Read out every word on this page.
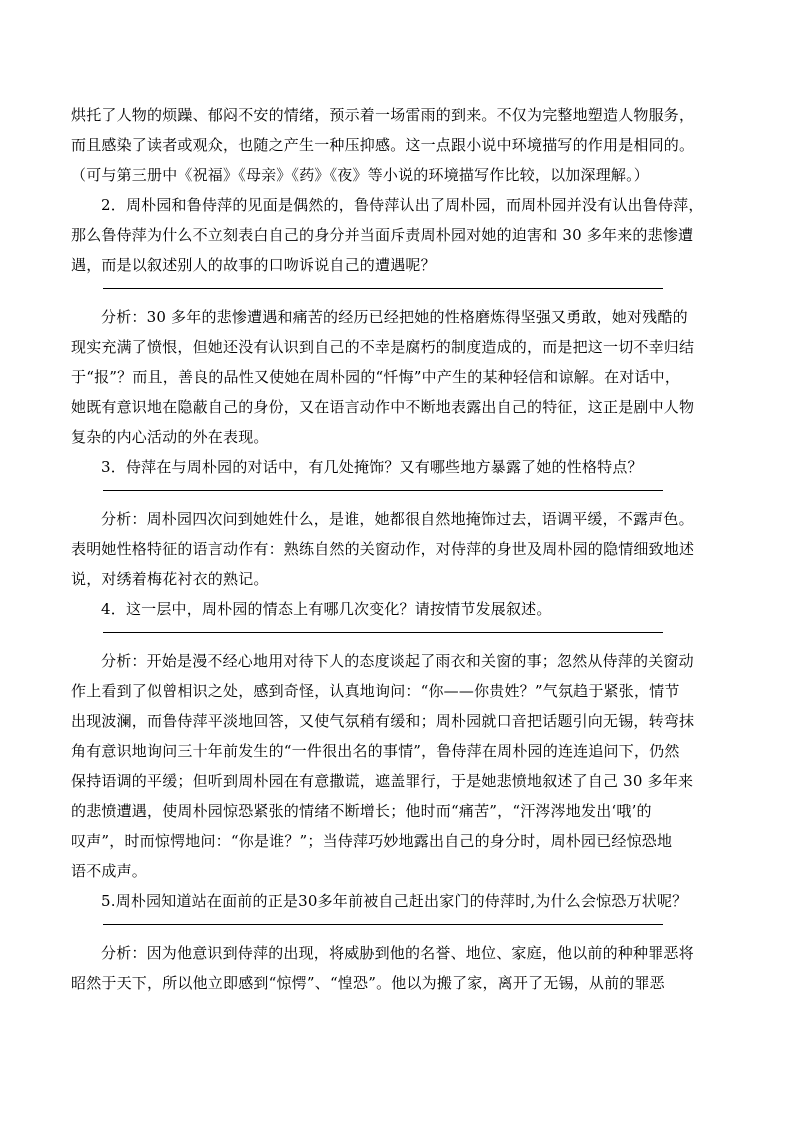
烘托了人物的烦躁、郁闷不安的情绪，预示着一场雷雨的到来。不仅为完整地塑造人物服务，
而且感染了读者或观众，也随之产生一种压抑感。这一点跟小说中环境描写的作用是相同的。
（可与第三册中《祝福》《母亲》《药》《夜》等小说的环境描写作比较，以加深理解。）
2．周朴园和鲁侍萍的见面是偶然的，鲁侍萍认出了周朴园，而周朴园并没有认出鲁侍萍，
那么鲁侍萍为什么不立刻表白自己的身分并当面斥责周朴园对她的迫害和 30 多年来的悲惨遭
遇，而是以叙述别人的故事的口吻诉说自己的遭遇呢？
分析：30 多年的悲惨遭遇和痛苦的经历已经把她的性格磨炼得坚强又勇敢，她对残酷的
现实充满了愤恨，但她还没有认识到自己的不幸是腐朽的制度造成的，而是把这一切不幸归结
于“报”？而且，善良的品性又使她在周朴园的“忏悔”中产生的某种轻信和谅解。在对话中，
她既有意识地在隐蔽自己的身份，又在语言动作中不断地表露出自己的特征，这正是剧中人物
复杂的内心活动的外在表现。
3．侍萍在与周朴园的对话中，有几处掩饰？又有哪些地方暴露了她的性格特点？
分析：周朴园四次问到她姓什么，是谁，她都很自然地掩饰过去，语调平缓，不露声色。
表明她性格特征的语言动作有：熟练自然的关窗动作，对侍萍的身世及周朴园的隐情细致地述
说，对绣着梅花衬衣的熟记。
4．这一层中，周朴园的情态上有哪几次变化？请按情节发展叙述。
分析：开始是漫不经心地用对待下人的态度谈起了雨衣和关窗的事；忽然从侍萍的关窗动
作上看到了似曾相识之处，感到奇怪，认真地询问：“你——你贵姓？”气氛趋于紧张，情节
出现波澜，而鲁侍萍平淡地回答，又使气氛稍有缓和；周朴园就口音把话题引向无锡，转弯抹
角有意识地询问三十年前发生的“一件很出名的事情”，鲁侍萍在周朴园的连连追问下，仍然
保持语调的平缓；但听到周朴园在有意撒谎，遮盖罪行，于是她悲愤地叙述了自己 30 多年来
的悲愤遭遇，使周朴园惊恐紧张的情绪不断增长；他时而“痛苦”，“汗涔涔地发出‘哦’的
叹声”，时而惊愕地问：“你是谁？”；当侍萍巧妙地露出自己的身分时，周朴园已经惊恐地
语不成声。
5.周朴园知道站在面前的正是30多年前被自己赶出家门的侍萍时,为什么会惊恐万状呢？
分析：因为他意识到侍萍的出现，将威胁到他的名誉、地位、家庭，他以前的种种罪恶将
昭然于天下，所以他立即感到“惊愕”、“惶恐”。他以为搬了家，离开了无锡，从前的罪恶
